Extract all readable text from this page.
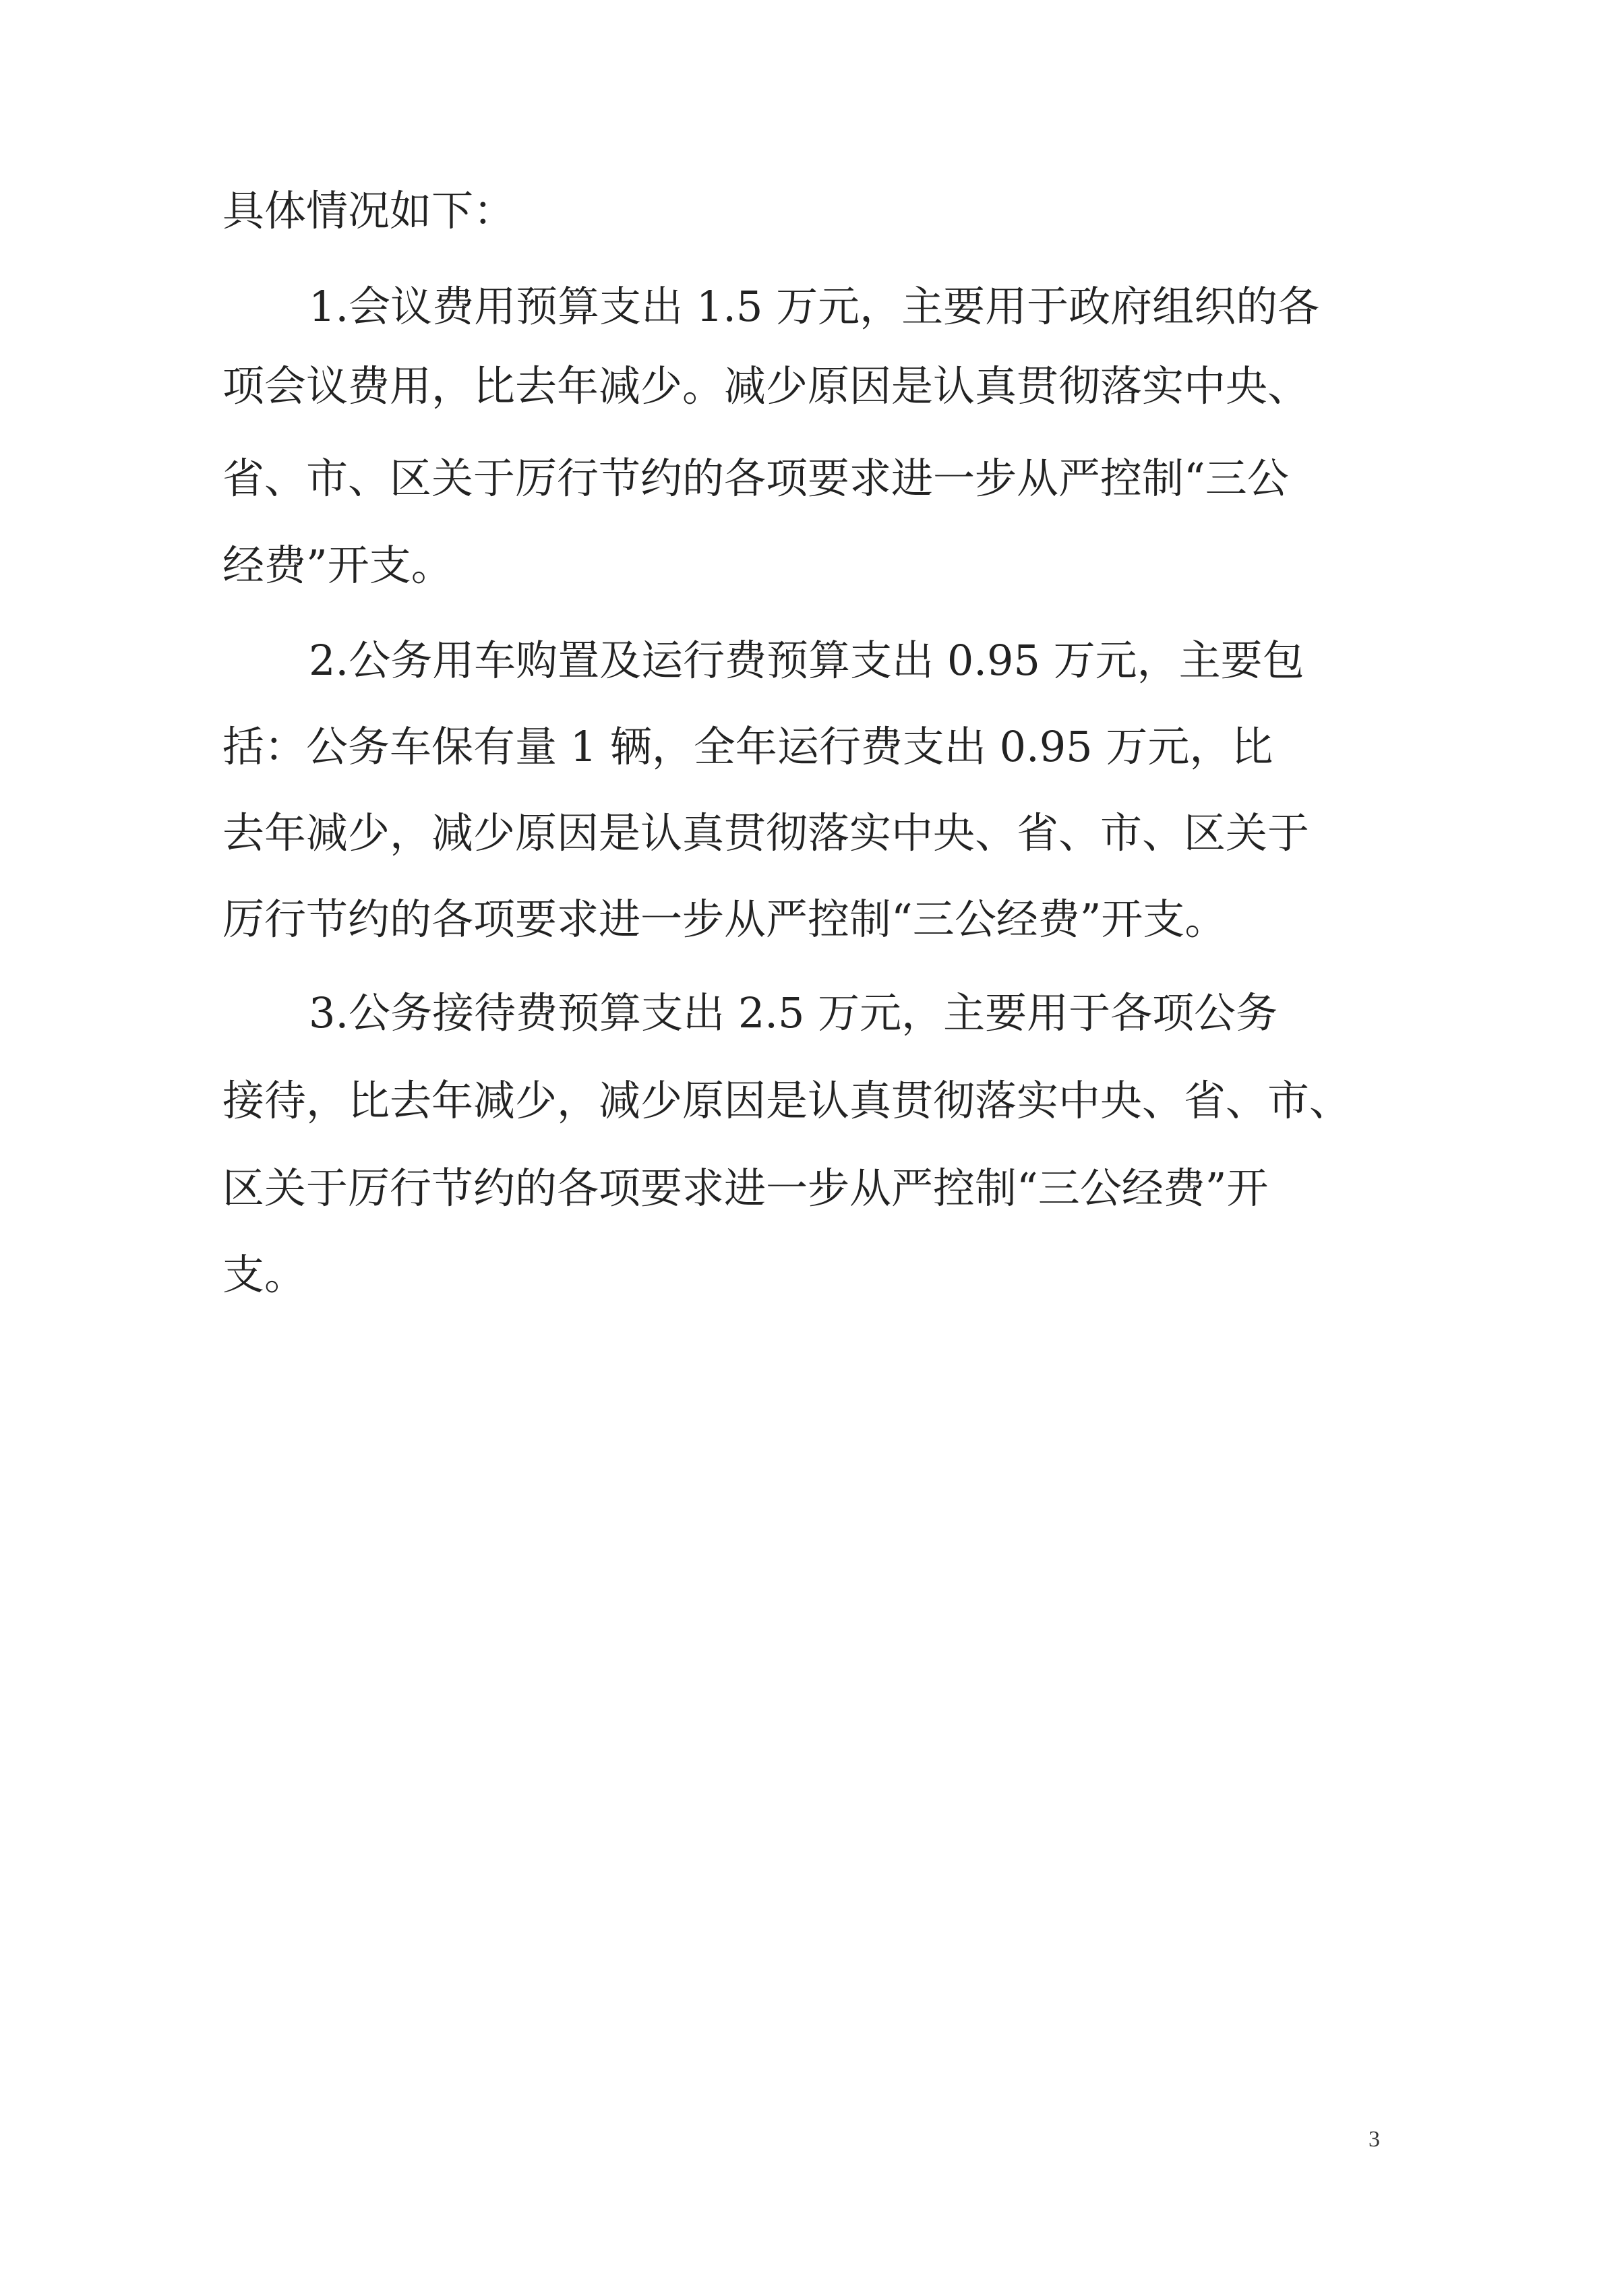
具体情况如下：

1.会议费用预算支出 1.5 万元，主要用于政府组织的各

项会议费用，比去年减少。减少原因是认真贯彻落实中央、

省、市、区关于厉行节约的各项要求进一步从严控制“三公

经费”开支。

2.公务用车购置及运行费预算支出 0.95 万元，主要包

括：公务车保有量 1 辆，全年运行费支出 0.95 万元，比

去年减少，减少原因是认真贯彻落实中央、省、市、区关于

厉行节约的各项要求进一步从严控制“三公经费”开支。

3.公务接待费预算支出 2.5 万元，主要用于各项公务

接待，比去年减少，减少原因是认真贯彻落实中央、省、市、

区关于厉行节约的各项要求进一步从严控制“三公经费”开

支。

3
